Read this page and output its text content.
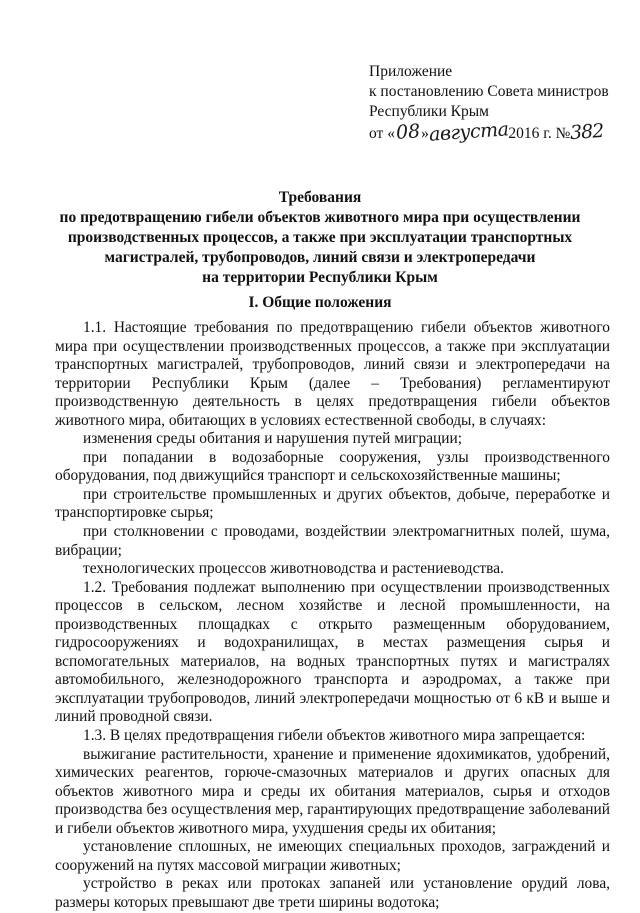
Приложение
к постановлению Совета министров
Республики Крым
от «08»августа2016 г. №382
Требования
по предотвращению гибели объектов животного мира при осуществлении
производственных процессов, а также при эксплуатации транспортных
магистралей, трубопроводов, линий связи и электропередачи
на территории Республики Крым
I. Общие положения

1.1. Настоящие требования по предотвращению гибели объектов животного мира при осуществлении производственных процессов, а также при эксплуатации транспортных магистралей, трубопроводов, линий связи и электропередачи на территории Республики Крым (далее – Требования) регламентируют производственную деятельность в целях предотвращения гибели объектов животного мира, обитающих в условиях естественной свободы, в случаях:

изменения среды обитания и нарушения путей миграции;

при попадании в водозаборные сооружения, узлы производственного оборудования, под движущийся транспорт и сельскохозяйственные машины;

при строительстве промышленных и других объектов, добыче, переработке и транспортировке сырья;

при столкновении с проводами, воздействии электромагнитных полей, шума, вибрации;

технологических процессов животноводства и растениеводства.

1.2. Требования подлежат выполнению при осуществлении производственных процессов в сельском, лесном хозяйстве и лесной промышленности, на производственных площадках с открыто размещенным оборудованием, гидросооружениях и водохранилищах, в местах размещения сырья и вспомогательных материалов, на водных транспортных путях и магистралях автомобильного, железнодорожного транспорта и аэродромах, а также при эксплуатации трубопроводов, линий электропередачи мощностью от 6 кВ и выше и линий проводной связи.

1.3. В целях предотвращения гибели объектов животного мира запрещается:

выжигание растительности, хранение и применение ядохимикатов, удобрений, химических реагентов, горюче-смазочных материалов и других опасных для объектов животного мира и среды их обитания материалов, сырья и отходов производства без осуществления мер, гарантирующих предотвращение заболеваний и гибели объектов животного мира, ухудшения среды их обитания;

установление сплошных, не имеющих специальных проходов, заграждений и сооружений на путях массовой миграции животных;

устройство в реках или протоках запаней или установление орудий лова, размеры которых превышают две трети ширины водотока;
